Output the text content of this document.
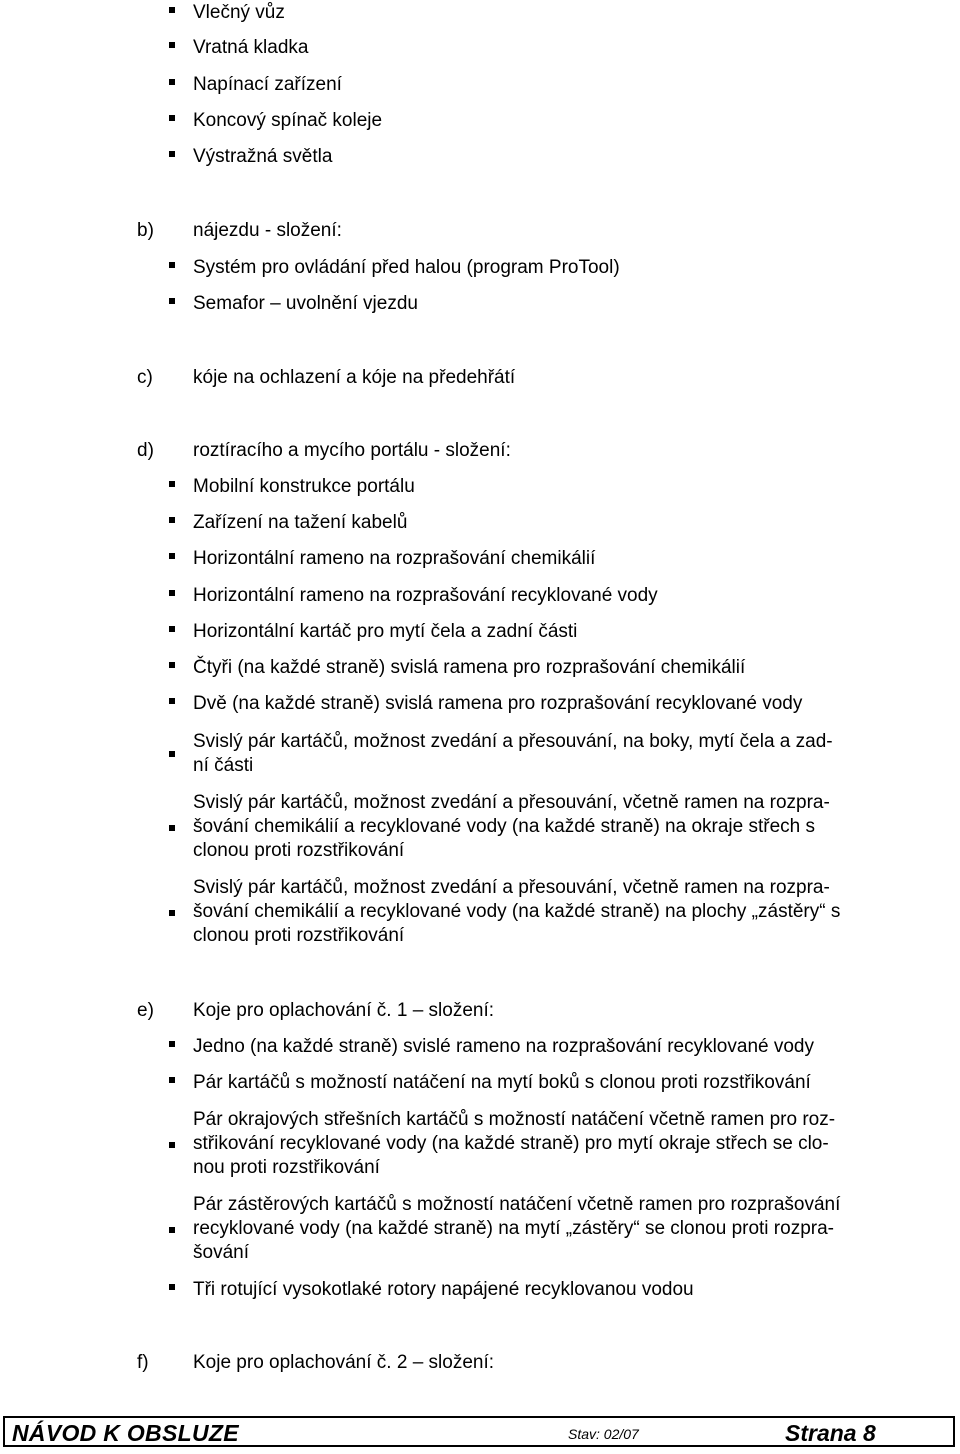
Vlečný vůz

Vratná kladka

Napínací zařízení

Koncový spínač koleje

Výstražná světla

b) nájezdu - složení:

Systém pro ovládání před halou (program ProTool)

Semafor – uvolnění vjezdu

c) kóje na ochlazení a kóje na předehřátí
d) roztíracího a mycího portálu - složení:

Mobilní konstrukce portálu

Zařízení na tažení kabelů

Horizontální rameno na rozprašování chemikálií

Horizontální rameno na rozprašování recyklované vody

Horizontální kartáč pro mytí čela a zadní části

Čtyři (na každé straně) svislá ramena pro rozprašování chemikálií

Dvě (na každé straně) svislá ramena pro rozprašování recyklované vody

Svislý pár kartáčů, možnost zvedání a přesouvání, na boky, mytí čela a zad-
ní části
Svislý pár kartáčů, možnost zvedání a přesouvání, včetně ramen na rozpra-
šování chemikálií a recyklované vody (na každé straně) na okraje střech s
clonou proti rozstřikování
Svislý pár kartáčů, možnost zvedání a přesouvání, včetně ramen na rozpra-
šování chemikálií a recyklované vody (na každé straně) na plochy „zástěry“ s
clonou proti rozstřikování
e) Koje pro oplachování č. 1 – složení:

Jedno (na každé straně) svislé rameno na rozprašování recyklované vody

Pár kartáčů s možností natáčení na mytí boků s clonou proti rozstřikování

Pár okrajových střešních kartáčů s možností natáčení včetně ramen pro roz-
střikování recyklované vody (na každé straně) pro mytí okraje střech se clo-
nou proti rozstřikování
Pár zástěrových kartáčů s možností natáčení včetně ramen pro rozprašování
recyklované vody (na každé straně) na mytí „zástěry“ se clonou proti rozpra-
šování

Tři rotující vysokotlaké rotory napájené recyklovanou vodou

f) Koje pro oplachování č. 2 – složení:
NÁVOD K OBSLUZE	Stav: 02/07	Strana 8
